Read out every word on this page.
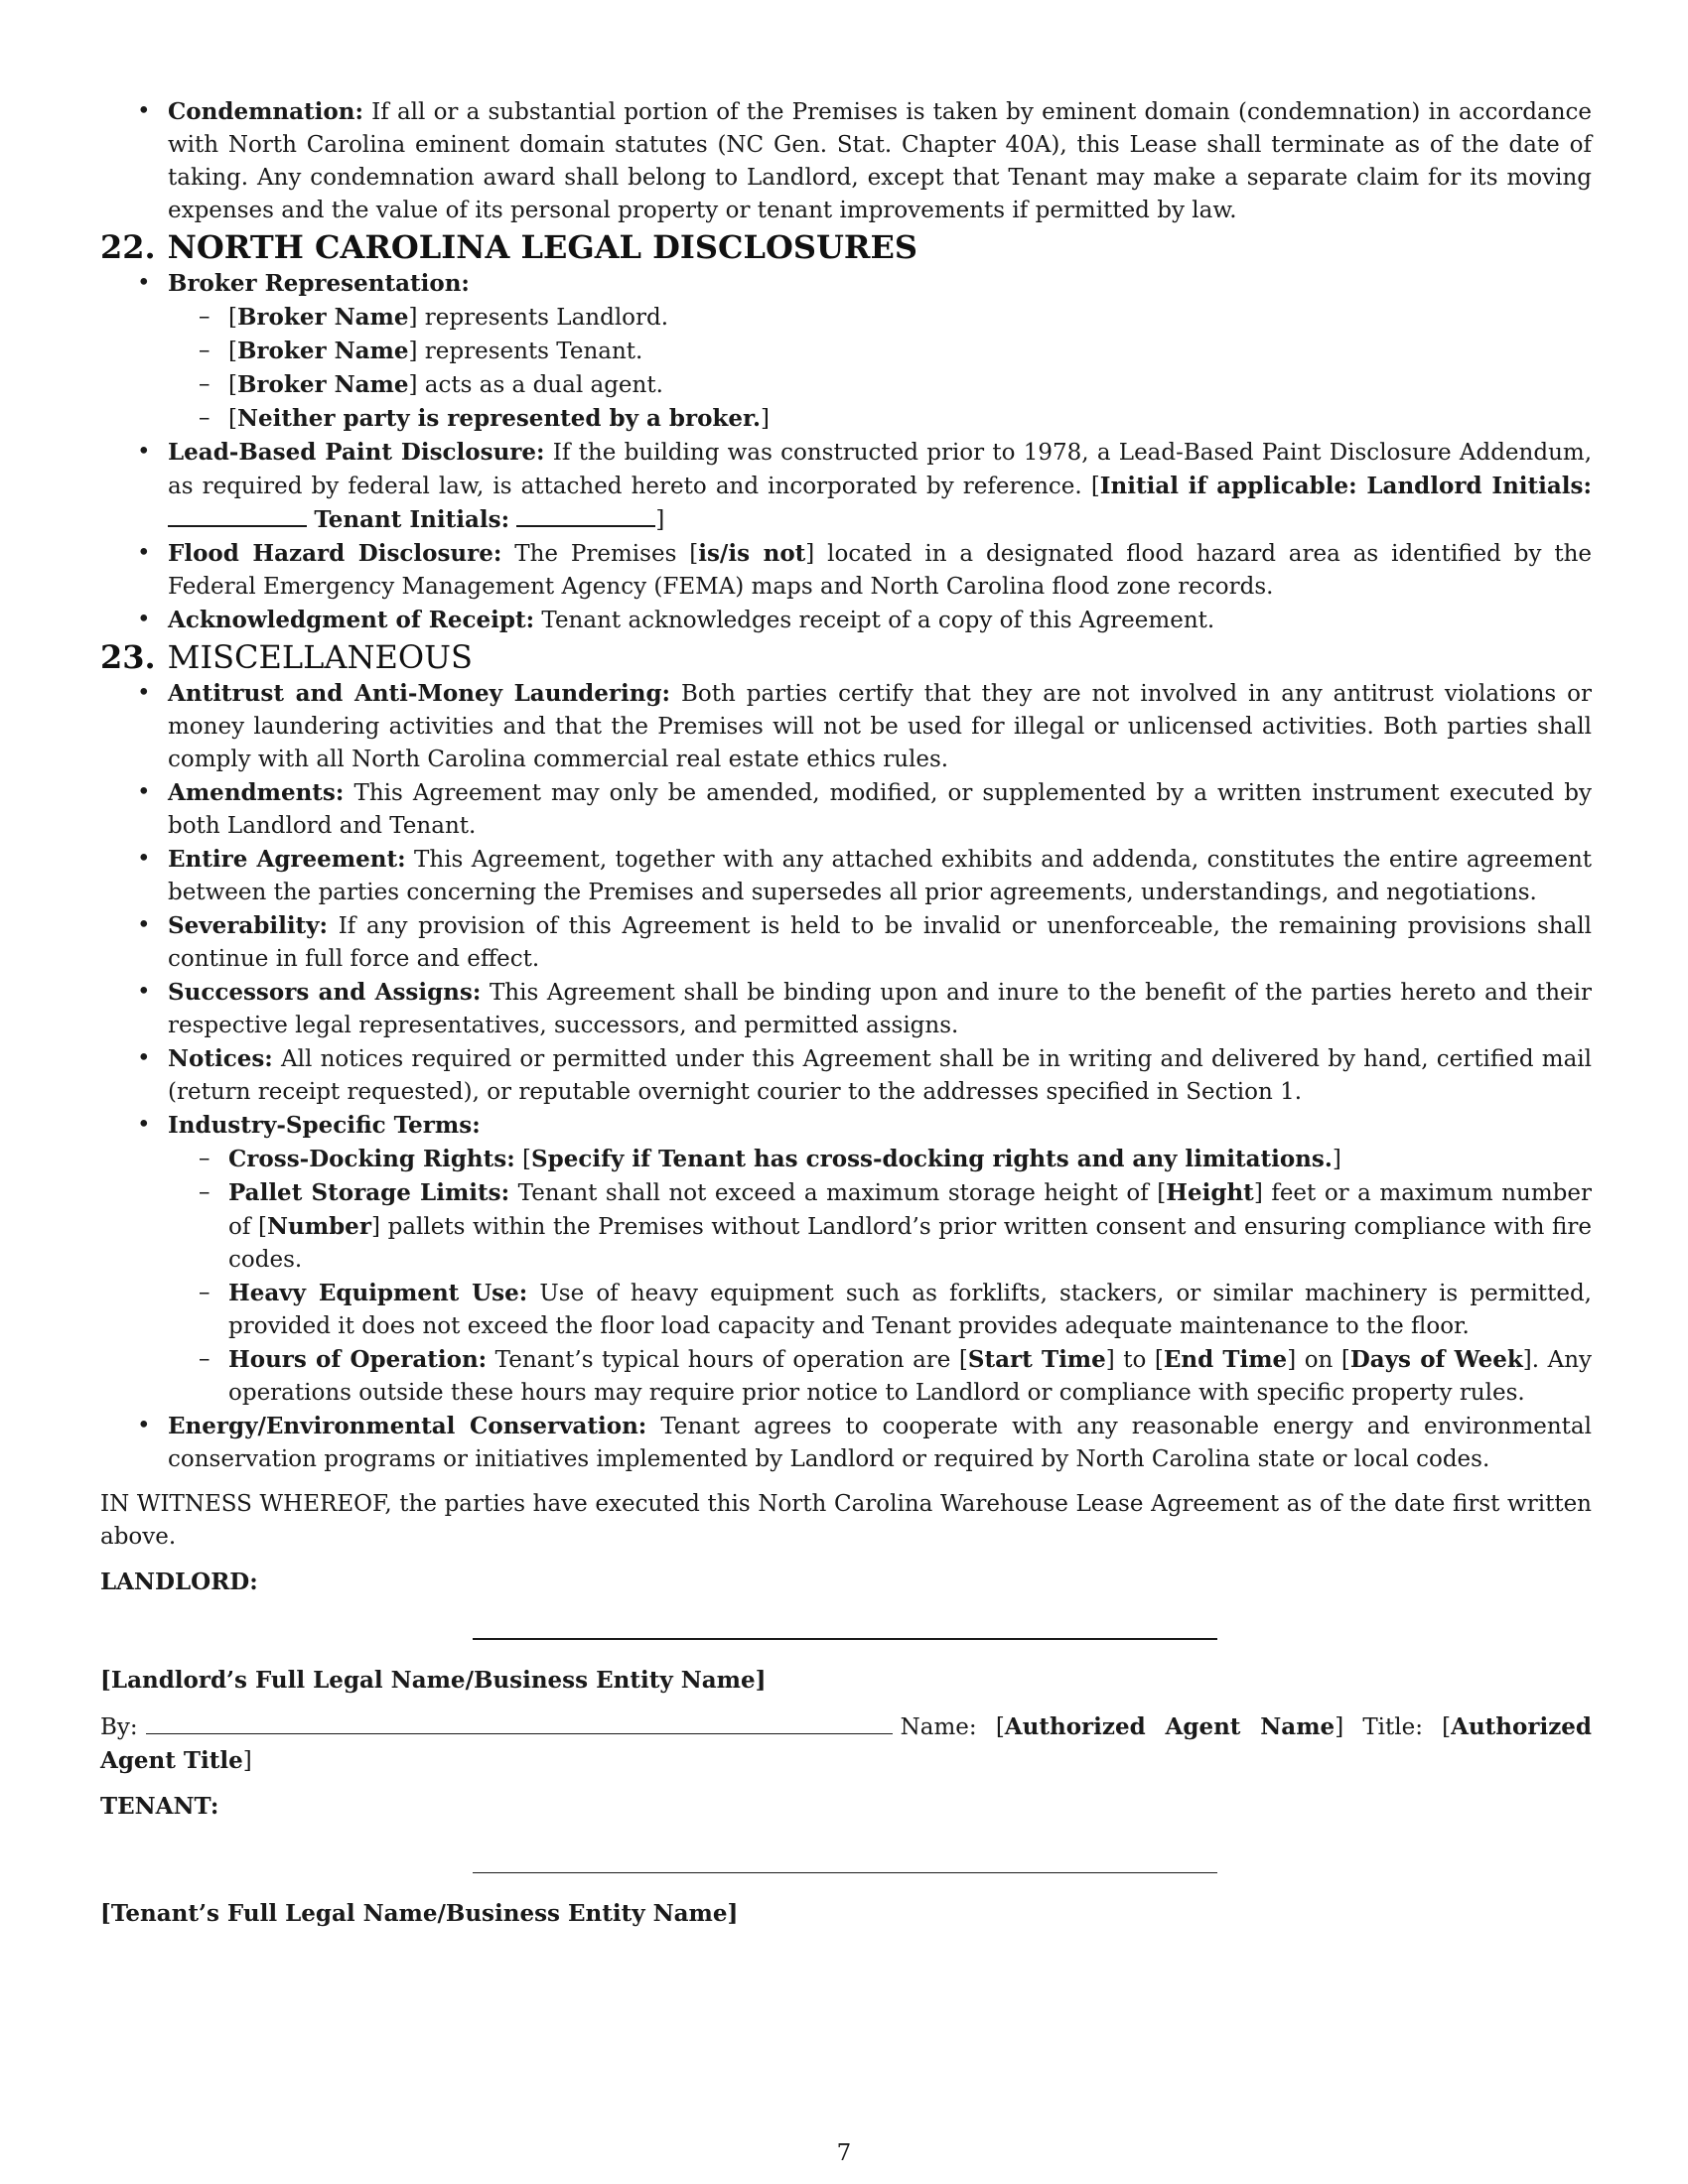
• Condemnation: If all or a substantial portion of the Premises is taken by eminent domain (condemnation) in accordance with North Carolina eminent domain statutes (NC Gen. Stat. Chapter 40A), this Lease shall terminate as of the date of taking. Any condemnation award shall belong to Landlord, except that Tenant may make a separate claim for its moving expenses and the value of its personal property or tenant improvements if permitted by law.
22. NORTH CAROLINA LEGAL DISCLOSURES
• Broker Representation:
– [Broker Name] represents Landlord.
– [Broker Name] represents Tenant.
– [Broker Name] acts as a dual agent.
– [Neither party is represented by a broker.]
• Lead-Based Paint Disclosure: If the building was constructed prior to 1978, a Lead-Based Paint Disclosure Addendum, as required by federal law, is attached hereto and incorporated by reference. [Initial if applicable: Landlord Initials:  Tenant Initials:	]
• Flood Hazard Disclosure: The Premises [is/is not] located in a designated flood hazard area as identified by the Federal Emergency Management Agency (FEMA) maps and North Carolina flood zone records.
• Acknowledgment of Receipt: Tenant acknowledges receipt of a copy of this Agreement.
23. MISCELLANEOUS
• Antitrust and Anti-Money Laundering: Both parties certify that they are not involved in any antitrust violations or money laundering activities and that the Premises will not be used for illegal or unlicensed activities. Both parties shall comply with all North Carolina commercial real estate ethics rules.
• Amendments: This Agreement may only be amended, modified, or supplemented by a written instrument executed by both Landlord and Tenant.
• Entire Agreement: This Agreement, together with any attached exhibits and addenda, constitutes the entire agreement between the parties concerning the Premises and supersedes all prior agreements, understandings, and negotiations.
• Severability: If any provision of this Agreement is held to be invalid or unenforceable, the remaining provisions shall continue in full force and effect.
• Successors and Assigns: This Agreement shall be binding upon and inure to the benefit of the parties hereto and their respective legal representatives, successors, and permitted assigns.
• Notices: All notices required or permitted under this Agreement shall be in writing and delivered by hand, certified mail (return receipt requested), or reputable overnight courier to the addresses specified in Section 1.
• Industry-Specific Terms:
– Cross-Docking Rights: [Specify if Tenant has cross-docking rights and any limitations.]
– Pallet Storage Limits: Tenant shall not exceed a maximum storage height of [Height] feet or a maximum number of [Number] pallets within the Premises without Landlord’s prior written consent and ensuring compliance with fire codes.
– Heavy Equipment Use: Use of heavy equipment such as forklifts, stackers, or similar machinery is permitted, provided it does not exceed the floor load capacity and Tenant provides adequate maintenance to the floor.
– Hours of Operation: Tenant’s typical hours of operation are [Start Time] to [End Time] on [Days of Week]. Any operations outside these hours may require prior notice to Landlord or compliance with specific property rules.
• Energy/Environmental Conservation: Tenant agrees to cooperate with any reasonable energy and environmental conservation programs or initiatives implemented by Landlord or required by North Carolina state or local codes.
IN WITNESS WHEREOF, the parties have executed this North Carolina Warehouse Lease Agreement as of the date first written above.
LANDLORD:
[Landlord’s Full Legal Name/Business Entity Name]
By:	Name: [Authorized Agent Name] Title: [Authorized Agent Title]
TENANT:
[Tenant’s Full Legal Name/Business Entity Name]
7
